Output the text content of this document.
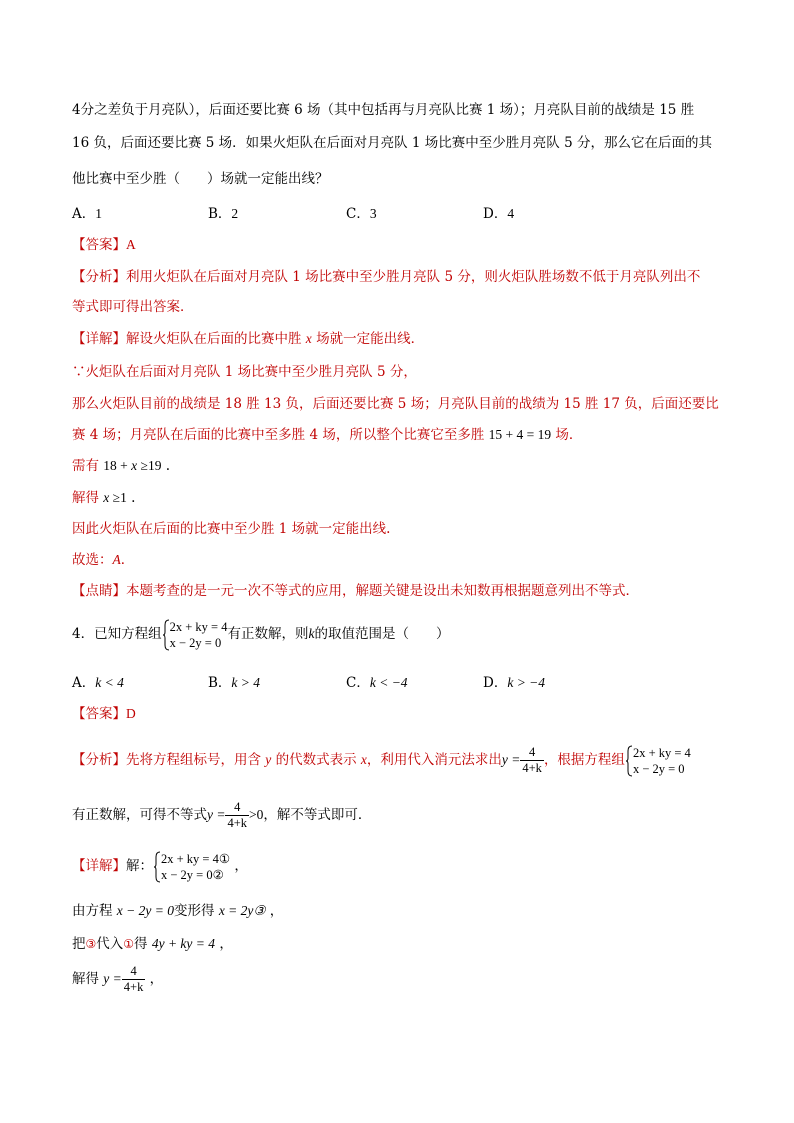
4分之差负于月亮队），后面还要比赛 6 场（其中包括再与月亮队比赛 1 场）；月亮队目前的战绩是 15 胜
16 负，后面还要比赛 5 场．如果火炬队在后面对月亮队 1 场比赛中至少胜月亮队 5 分，那么它在后面的其
他比赛中至少胜（　　）场就一定能出线？
A．1	B．2	C．3	D．4
【答案】A
【分析】利用火炬队在后面对月亮队 1 场比赛中至少胜月亮队 5 分，则火炬队胜场数不低于月亮队列出不
等式即可得出答案．
【详解】解设火炬队在后面的比赛中胜 x 场就一定能出线．
∵火炬队在后面对月亮队 1 场比赛中至少胜月亮队 5 分，
那么火炬队目前的战绩是 18 胜 13 负，后面还要比赛 5 场；月亮队目前的战绩为 15 胜 17 负，后面还要比
赛 4 场；月亮队在后面的比赛中至多胜 4 场，所以整个比赛它至多胜 15 + 4 = 19 场．
需有 18 + x ≥19 .
解得 x ≥1 .
因此火炬队在后面的比赛中至少胜 1 场就一定能出线.
故选：A．
【点睛】本题考查的是一元一次不等式的应用，解题关键是设出未知数再根据题意列出不等式．
4．已知方程组 2x + ky = 4
x − 2y = 0
有正数解，则k的取值范围是（　　）
A．k < 4	B．k > 4	C．k < −4	D．k > −4
【答案】D
【分析】先将方程组标号，用含 y 的代数式表示 x，利用代入消元法求出$y = \frac{4}{4+k}$ ，根据方程组 2x + ky = 4
x − 2y = 0
有正数解，可得不等式$y = \frac{4}{4+k} >0$，解不等式即可．
【详解】解： 2x + ky = 4①
x − 2y = 0②
，
由方程 x − 2y = 0变形得 x = 2y③ ，
把③代入①得 4y + ky = 4 ，
解得 $y = \frac{4}{4+k}$ ，
